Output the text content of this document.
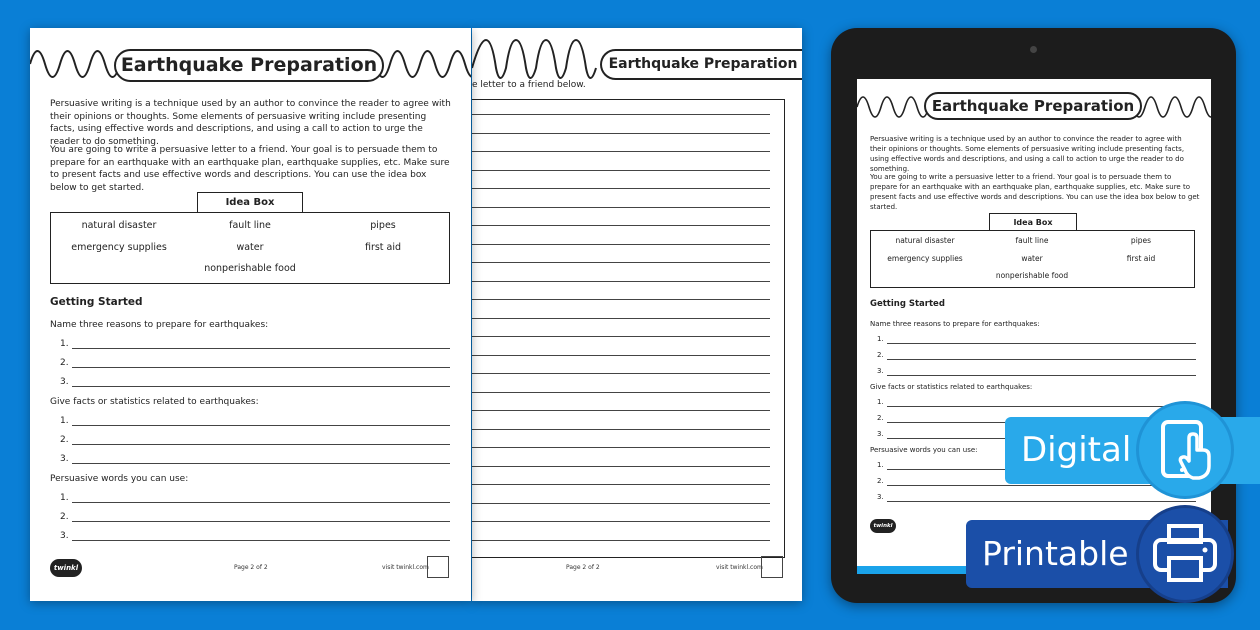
Earthquake Preparation
e letter to a friend below.
Page 2 of 2	visit twinkl.com
Earthquake Preparation
Persuasive writing is a technique used by an author to convince the reader to agree with their opinions or thoughts. Some elements of persuasive writing include presenting facts, using effective words and descriptions, and using a call to action to urge the reader to do something.
You are going to write a persuasive letter to a friend. Your goal is to persuade them to prepare for an earthquake with an earthquake plan, earthquake supplies, etc. Make sure to present facts and use effective words and descriptions. You can use the idea box below to get started.
Idea Box
natural disaster	fault line	pipes
emergency supplies	water	first aid
nonperishable food
Getting Started
Name three reasons to prepare for earthquakes:
1.
2.
3.
Give facts or statistics related to earthquakes:
1.
2.
3.
Persuasive words you can use:
1.
2.
3.
twinkl	Page 2 of 2	visit twinkl.com
Earthquake Preparation
Persuasive writing is a technique used by an author to convince the reader to agree with their opinions or thoughts. Some elements of persuasive writing include presenting facts, using effective words and descriptions, and using a call to action to urge the reader to do something.
You are going to write a persuasive letter to a friend. Your goal is to persuade them to prepare for an earthquake with an earthquake plan, earthquake supplies, etc. Make sure to present facts and use effective words and descriptions. You can use the idea box below to get started.
Idea Box
natural disaster	fault line	pipes
emergency supplies	water	first aid
nonperishable food
Getting Started
Name three reasons to prepare for earthquakes:
1.
2.
3.
Give facts or statistics related to earthquakes:
1.
2.
3.
Persuasive words you can use:
1.
2.
3.
twinkl
Digital
Printable
